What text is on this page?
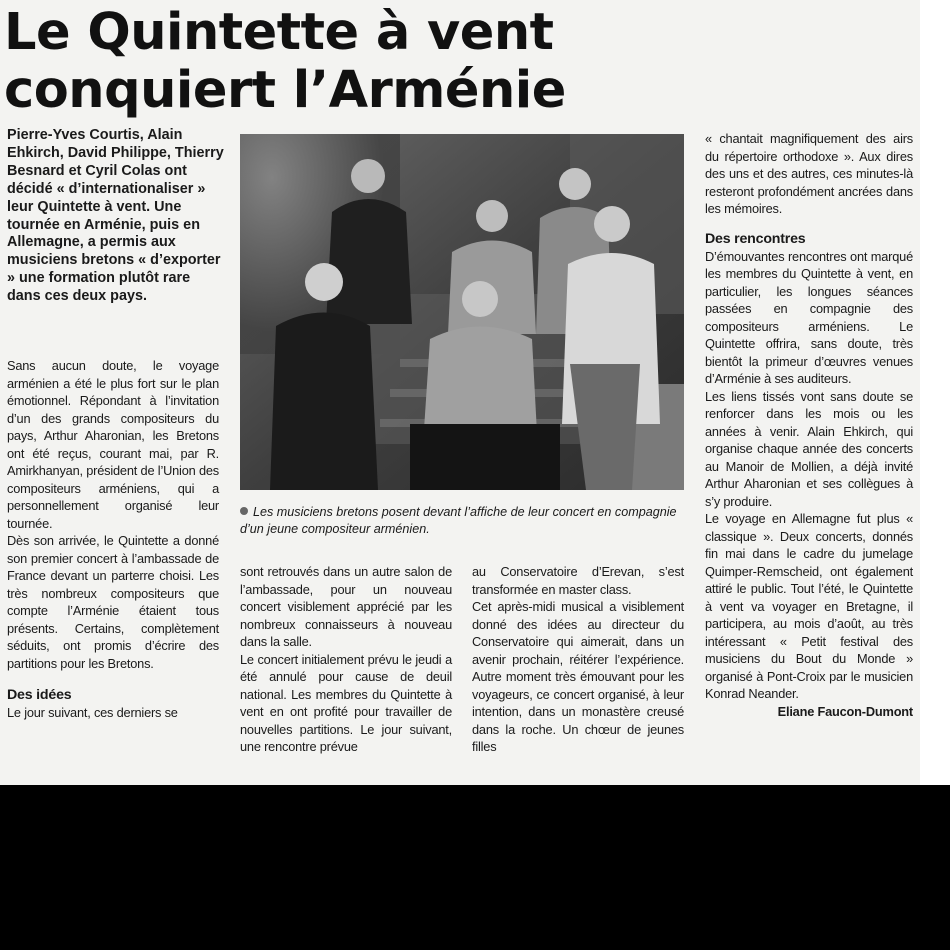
Le Quintette à vent
conquiert l’Arménie

Pierre-Yves Courtis, Alain Ehkirch, David Philippe, Thierry Besnard et Cyril Colas ont décidé « d’internationaliser » leur Quintette à vent. Une tournée en Arménie, puis en Allemagne, a permis aux musiciens bretons « d’exporter » une formation plutôt rare dans ces deux pays.

Sans aucun doute, le voyage arménien a été le plus fort sur le plan émotionnel. Répondant à l’invitation d’un des grands compositeurs du pays, Arthur Aharonian, les Bretons ont été reçus, courant mai, par R. Amirkhanyan, président de l’Union des compositeurs arméniens, qui a personnellement organisé leur tournée.

Dès son arrivée, le Quintette a donné son premier concert à l’ambassade de France devant un parterre choisi. Les très nombreux compositeurs que compte l’Arménie étaient tous présents. Certains, complètement séduits, ont promis d’écrire des partitions pour les Bretons.

Des idées

Le jour suivant, ces derniers se

Les musiciens bretons posent devant l’affiche de leur concert en compagnie d’un jeune compositeur arménien.

sont retrouvés dans un autre salon de l’ambassade, pour un nouveau concert visiblement apprécié par les nombreux connaisseurs à nouveau dans la salle.

Le concert initialement prévu le jeudi a été annulé pour cause de deuil national. Les membres du Quintette à vent en ont profité pour travailler de nouvelles partitions. Le jour suivant, une rencontre prévue

au Conservatoire d’Erevan, s’est transformée en master class.

Cet après-midi musical a visiblement donné des idées au directeur du Conservatoire qui aimerait, dans un avenir prochain, réitérer l’expérience. Autre moment très émouvant pour les voyageurs, ce concert organisé, à leur intention, dans un monastère creusé dans la roche. Un chœur de jeunes filles

« chantait magnifiquement des airs du répertoire orthodoxe ». Aux dires des uns et des autres, ces minutes-là resteront profondément ancrées dans les mémoires.

Des rencontres

D’émouvantes rencontres ont marqué les membres du Quintette à vent, en particulier, les longues séances passées en compagnie des compositeurs arméniens. Le Quintette offrira, sans doute, très bientôt la primeur d’œuvres venues d’Arménie à ses auditeurs.

Les liens tissés vont sans doute se renforcer dans les mois ou les années à venir. Alain Ehkirch, qui organise chaque année des concerts au Manoir de Mollien, a déjà invité Arthur Aharonian et ses collègues à s’y produire.

Le voyage en Allemagne fut plus « classique ». Deux concerts, donnés fin mai dans le cadre du jumelage Quimper-Remscheid, ont également attiré le public. Tout l’été, le Quintette à vent va voyager en Bretagne, il participera, au mois d’août, au très intéressant « Petit festival des musiciens du Bout du Monde » organisé à Pont-Croix par le musicien Konrad Neander.

Eliane Faucon-Dumont
